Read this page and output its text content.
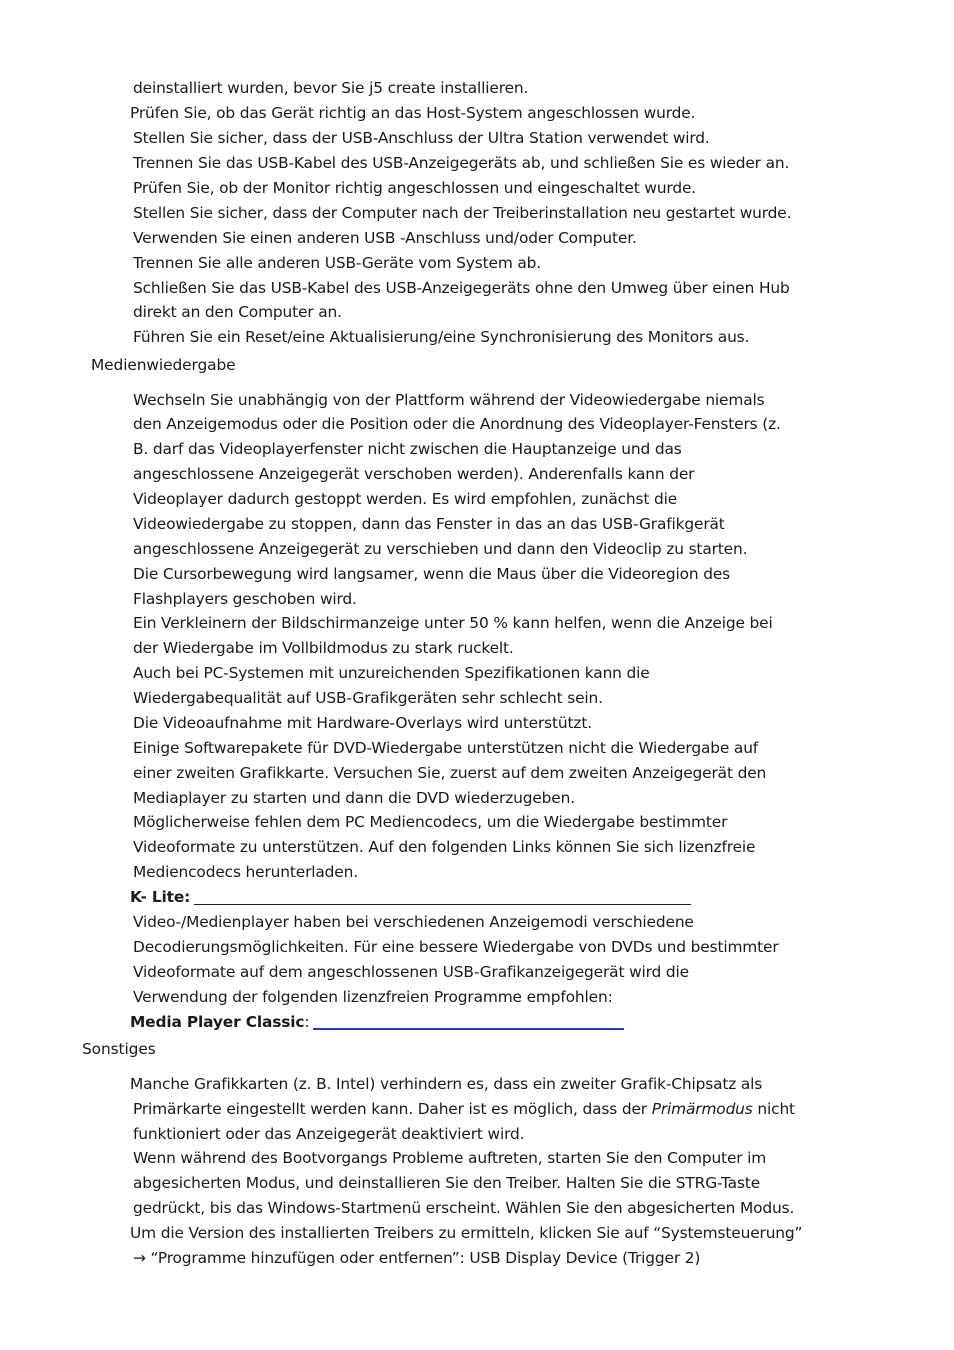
deinstalliert wurden, bevor Sie j5 create installieren.
Prüfen Sie, ob das Gerät richtig an das Host-System angeschlossen wurde.
Stellen Sie sicher, dass der USB-Anschluss der Ultra Station verwendet wird.
Trennen Sie das USB-Kabel des USB-Anzeigegeräts ab, und schließen Sie es wieder an.
Prüfen Sie, ob der Monitor richtig angeschlossen und eingeschaltet wurde.
Stellen Sie sicher, dass der Computer nach der Treiberinstallation neu gestartet wurde.
Verwenden Sie einen anderen USB -Anschluss und/oder Computer.
Trennen Sie alle anderen USB-Geräte vom System ab.
Schließen Sie das USB-Kabel des USB-Anzeigegeräts ohne den Umweg über einen Hub
direkt an den Computer an.
Führen Sie ein Reset/eine Aktualisierung/eine Synchronisierung des Monitors aus.
Medienwiedergabe
Wechseln Sie unabhängig von der Plattform während der Videowiedergabe niemals
den Anzeigemodus oder die Position oder die Anordnung des Videoplayer-Fensters (z.
B. darf das Videoplayerfenster nicht zwischen die Hauptanzeige und das
angeschlossene Anzeigegerät verschoben werden). Anderenfalls kann der
Videoplayer dadurch gestoppt werden. Es wird empfohlen, zunächst die
Videowiedergabe zu stoppen, dann das Fenster in das an das USB-Grafikgerät
angeschlossene Anzeigegerät zu verschieben und dann den Videoclip zu starten.
Die Cursorbewegung wird langsamer, wenn die Maus über die Videoregion des
Flashplayers geschoben wird.
Ein Verkleinern der Bildschirmanzeige unter 50 % kann helfen, wenn die Anzeige bei
der Wiedergabe im Vollbildmodus zu stark ruckelt.
Auch bei PC-Systemen mit unzureichenden Spezifikationen kann die
Wiedergabequalität auf USB-Grafikgeräten sehr schlecht sein.
Die Videoaufnahme mit Hardware-Overlays wird unterstützt.
Einige Softwarepakete für DVD-Wiedergabe unterstützen nicht die Wiedergabe auf
einer zweiten Grafikkarte. Versuchen Sie, zuerst auf dem zweiten Anzeigegerät den
Mediaplayer zu starten und dann die DVD wiederzugeben.
Möglicherweise fehlen dem PC Mediencodecs, um die Wiedergabe bestimmter
Videoformate zu unterstützen. Auf den folgenden Links können Sie sich lizenzfreie
Mediencodecs herunterladen.
K- Lite:
Video-/Medienplayer haben bei verschiedenen Anzeigemodi verschiedene
Decodierungsmöglichkeiten. Für eine bessere Wiedergabe von DVDs und bestimmter
Videoformate auf dem angeschlossenen USB-Grafikanzeigegerät wird die
Verwendung der folgenden lizenzfreien Programme empfohlen:
Media Player Classic:
Sonstiges
Manche Grafikkarten (z. B. Intel) verhindern es, dass ein zweiter Grafik-Chipsatz als
Primärkarte eingestellt werden kann. Daher ist es möglich, dass der Primärmodus nicht
funktioniert oder das Anzeigegerät deaktiviert wird.
Wenn während des Bootvorgangs Probleme auftreten, starten Sie den Computer im
abgesicherten Modus, und deinstallieren Sie den Treiber. Halten Sie die STRG-Taste
gedrückt, bis das Windows-Startmenü erscheint. Wählen Sie den abgesicherten Modus.
Um die Version des installierten Treibers zu ermitteln, klicken Sie auf “Systemsteuerung”
→ “Programme hinzufügen oder entfernen”: USB Display Device (Trigger 2)
